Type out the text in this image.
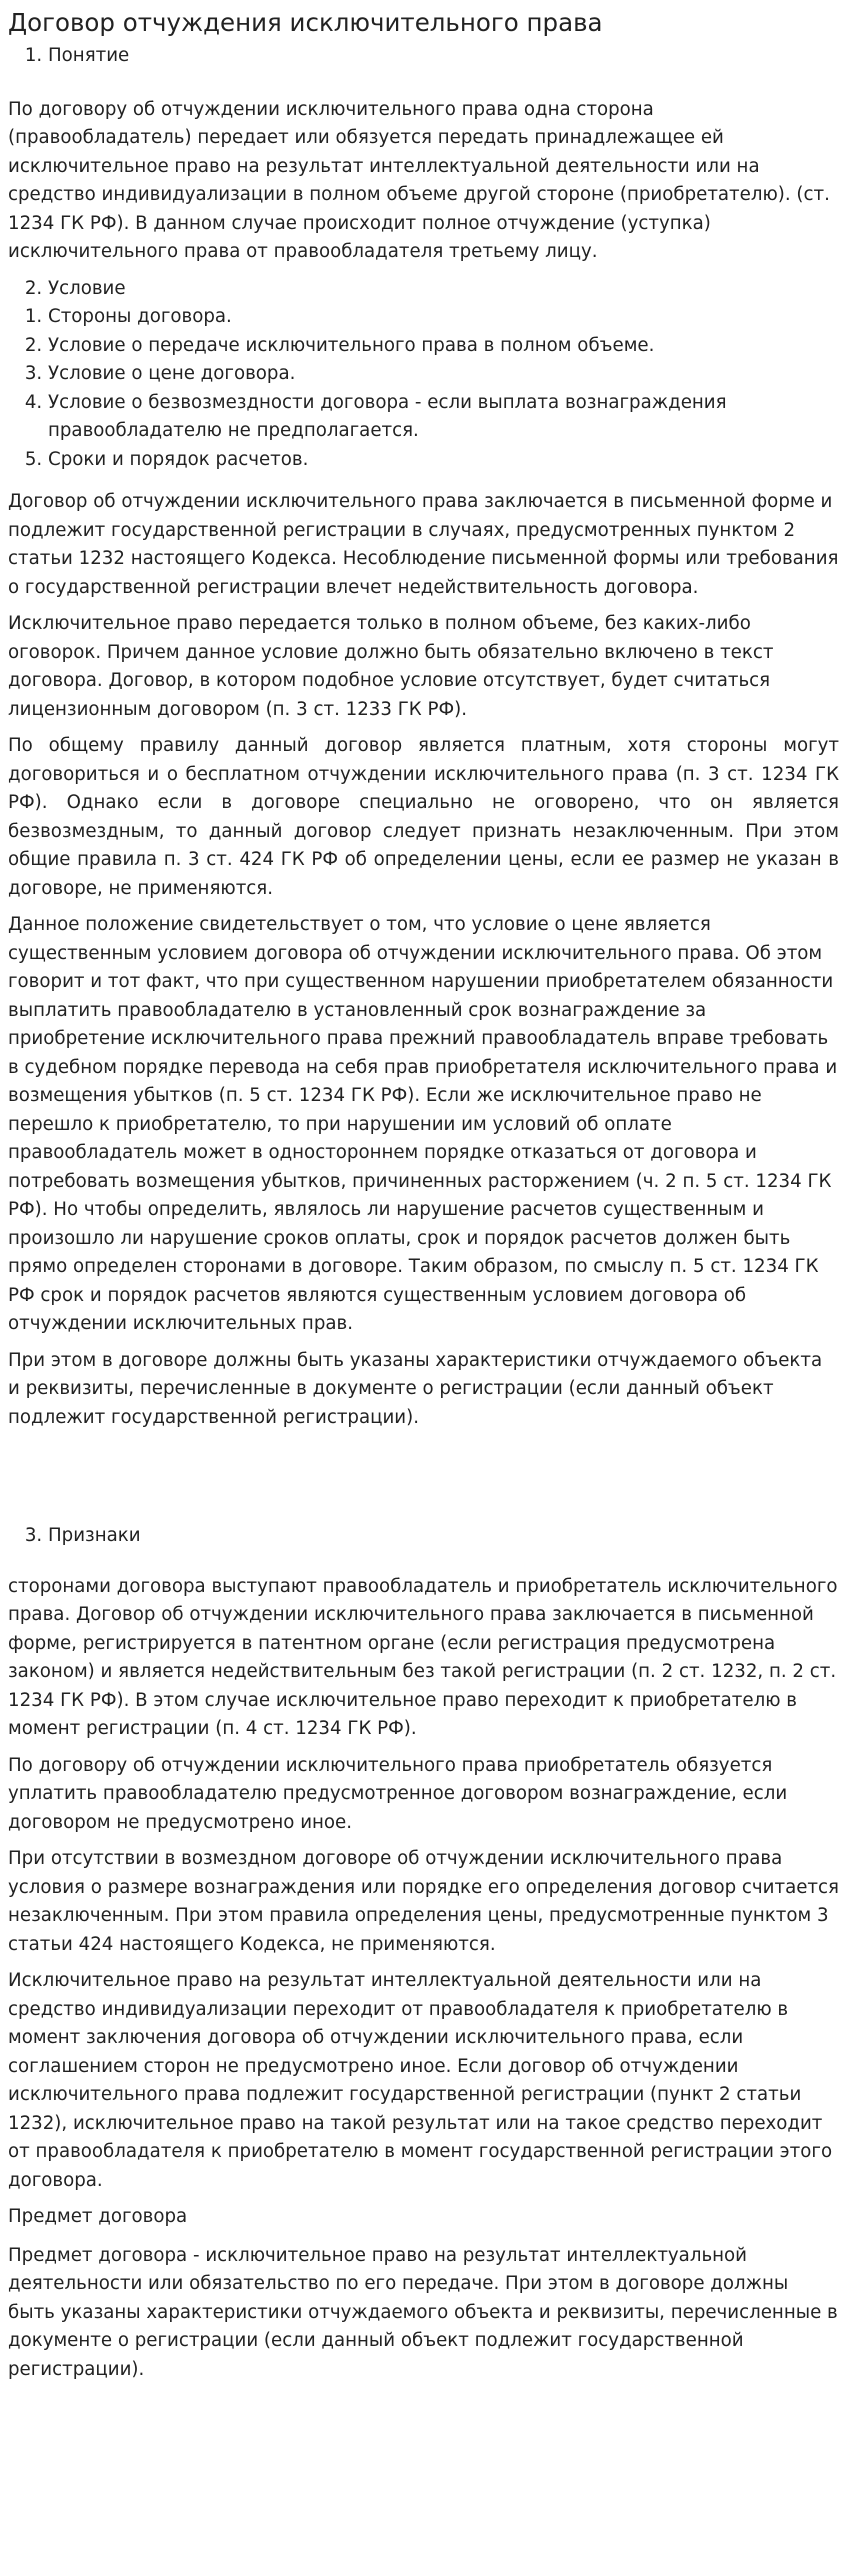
Договор отчуждения исключительного права
1. Понятие

По договору об отчуждении исключительного права одна сторона (правообладатель) передает или обязуется передать принадлежащее ей исключительное право на результат интеллектуальной деятельности или на средство индивидуализации в полном объеме другой стороне (приобретателю). (ст. 1234 ГК РФ). В данном случае происходит полное отчуждение (уступка) исключительного права от правообладателя третьему лицу.

2. Условие
1. Стороны договора.
2. Условие о передаче исключительного права в полном объеме.
3. Условие о цене договора.
4. Условие о безвозмездности договора - если выплата вознаграждения правообладателю не предполагается.
5. Сроки и порядок расчетов.

Договор об отчуждении исключительного права заключается в письменной форме и подлежит государственной регистрации в случаях, предусмотренных пунктом 2 статьи 1232 настоящего Кодекса. Несоблюдение письменной формы или требования о государственной регистрации влечет недействительность договора.

Исключительное право передается только в полном объеме, без каких-либо оговорок. Причем данное условие должно быть обязательно включено в текст договора. Договор, в котором подобное условие отсутствует, будет считаться лицензионным договором (п. 3 ст. 1233 ГК РФ).

По общему правилу данный договор является платным, хотя стороны могут договориться и о бесплатном отчуждении исключительного права (п. 3 ст. 1234 ГК РФ). Однако если в договоре специально не оговорено, что он является безвозмездным, то данный договор следует признать незаключенным. При этом общие правила п. 3 ст. 424 ГК РФ об определении цены, если ее размер не указан в договоре, не применяются.

Данное положение свидетельствует о том, что условие о цене является существенным условием договора об отчуждении исключительного права. Об этом говорит и тот факт, что при существенном нарушении приобретателем обязанности выплатить правообладателю в установленный срок вознаграждение за приобретение исключительного права прежний правообладатель вправе требовать в судебном порядке перевода на себя прав приобретателя исключительного права и возмещения убытков (п. 5 ст. 1234 ГК РФ). Если же исключительное право не перешло к приобретателю, то при нарушении им условий об оплате правообладатель может в одностороннем порядке отказаться от договора и потребовать возмещения убытков, причиненных расторжением (ч. 2 п. 5 ст. 1234 ГК РФ). Но чтобы определить, являлось ли нарушение расчетов существенным и произошло ли нарушение сроков оплаты, срок и порядок расчетов должен быть прямо определен сторонами в договоре. Таким образом, по смыслу п. 5 ст. 1234 ГК РФ срок и порядок расчетов являются существенным условием договора об отчуждении исключительных прав.

При этом в договоре должны быть указаны характеристики отчуждаемого объекта и реквизиты, перечисленные в документе о регистрации (если данный объект подлежит государственной регистрации).

3. Признаки

сторонами договора выступают правообладатель и приобретатель исключительного права. Договор об отчуждении исключительного права заключается в письменной форме, регистрируется в патентном органе (если регистрация предусмотрена законом) и является недействительным без такой регистрации (п. 2 ст. 1232, п. 2 ст. 1234 ГК РФ). В этом случае исключительное право переходит к приобретателю в момент регистрации (п. 4 ст. 1234 ГК РФ).

По договору об отчуждении исключительного права приобретатель обязуется уплатить правообладателю предусмотренное договором вознаграждение, если договором не предусмотрено иное.

При отсутствии в возмездном договоре об отчуждении исключительного права условия о размере вознаграждения или порядке его определения договор считается незаключенным. При этом правила определения цены, предусмотренные пунктом 3 статьи 424 настоящего Кодекса, не применяются.

Исключительное право на результат интеллектуальной деятельности или на средство индивидуализации переходит от правообладателя к приобретателю в момент заключения договора об отчуждении исключительного права, если соглашением сторон не предусмотрено иное. Если договор об отчуждении исключительного права подлежит государственной регистрации (пункт 2 статьи 1232), исключительное право на такой результат или на такое средство переходит от правообладателя к приобретателю в момент государственной регистрации этого договора.

Предмет договора

Предмет договора - исключительное право на результат интеллектуальной деятельности или обязательство по его передаче. При этом в договоре должны быть указаны характеристики отчуждаемого объекта и реквизиты, перечисленные в документе о регистрации (если данный объект подлежит государственной регистрации).
